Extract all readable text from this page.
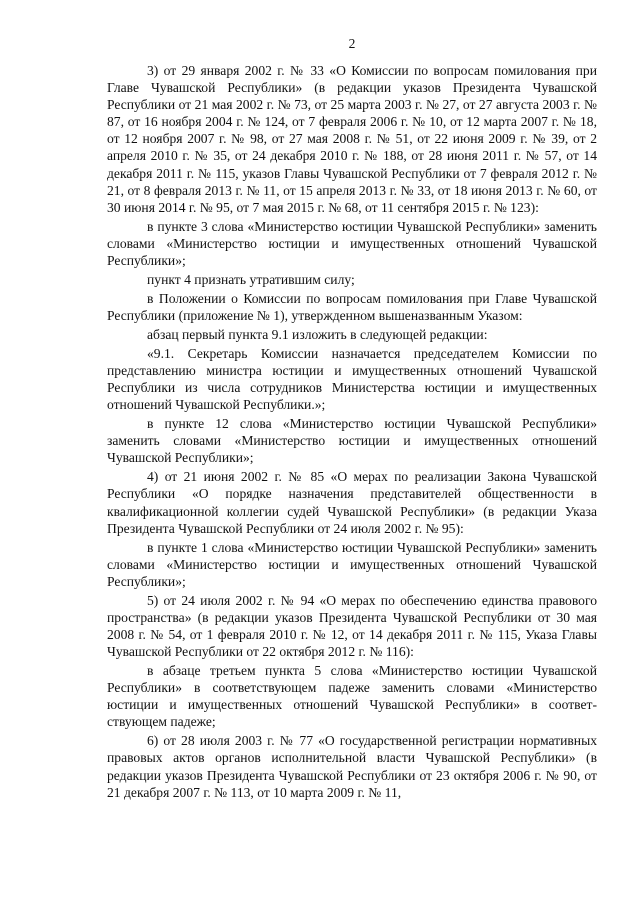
2

3) от 29 января 2002 г. № 33 «О Комиссии по вопросам помилования при Главе Чувашской Республики» (в редакции указов Президента Чувашской Республики от 21 мая 2002 г. № 73, от 25 марта 2003 г. № 27, от 27 августа 2003 г. № 87, от 16 ноября 2004 г. № 124, от 7 февраля 2006 г. № 10, от 12 марта 2007 г. № 18, от 12 ноября 2007 г. № 98, от 27 мая 2008 г. № 51, от 22 июня 2009 г. № 39, от 2 апреля 2010 г. № 35, от 24 декабря 2010 г. № 188, от 28 июня 2011 г. № 57, от 14 декабря 2011 г. № 115, указов Главы Чувашской Республики от 7 февраля 2012 г. № 21, от 8 февраля 2013 г. № 11, от 15 апреля 2013 г. № 33, от 18 июня 2013 г. № 60, от 30 июня 2014 г. № 95, от 7 мая 2015 г. № 68, от 11 сентября 2015 г. № 123):

в пункте 3 слова «Министерство юстиции Чувашской Республики» заменить словами «Министерство юстиции и имущественных отношений Чувашской Республики»;

пункт 4 признать утратившим силу;

в Положении о Комиссии по вопросам помилования при Главе Чувашской Республики (приложение № 1), утвержденном вышеназванным Указом:

абзац первый пункта 9.1 изложить в следующей редакции:

«9.1. Секретарь Комиссии назначается председателем Комиссии по представлению министра юстиции и имущественных отношений Чувашской Республики из числа сотрудников Министерства юстиции и имущественных отношений Чувашской Республики.»;

в пункте 12 слова «Министерство юстиции Чувашской Республики» заменить словами «Министерство юстиции и имущественных отношений Чувашской Республики»;

4) от 21 июня 2002 г. № 85 «О мерах по реализации Закона Чувашской Республики «О порядке назначения представителей общественности в квалификационной коллегии судей Чувашской Республики» (в редакции Указа Президента Чувашской Республики от 24 июля 2002 г. № 95):

в пункте 1 слова «Министерство юстиции Чувашской Республики» заменить словами «Министерство юстиции и имущественных отношений Чувашской Республики»;

5) от 24 июля 2002 г. № 94 «О мерах по обеспечению единства правового пространства» (в редакции указов Президента Чувашской Республики от 30 мая 2008 г. № 54, от 1 февраля 2010 г. № 12, от 14 декабря 2011 г. № 115, Указа Главы Чувашской Республики от 22 октября 2012 г. № 116):

в абзаце третьем пункта 5 слова «Министерство юстиции Чувашской Республики» в соответствующем падеже заменить словами «Министерство юстиции и имущественных отношений Чувашской Республики» в соответствующем падеже;

6) от 28 июля 2003 г. № 77 «О государственной регистрации нормативных правовых актов органов исполнительной власти Чувашской Республики» (в редакции указов Президента Чувашской Республики от 23 октября 2006 г. № 90, от 21 декабря 2007 г. № 113, от 10 марта 2009 г. № 11,
